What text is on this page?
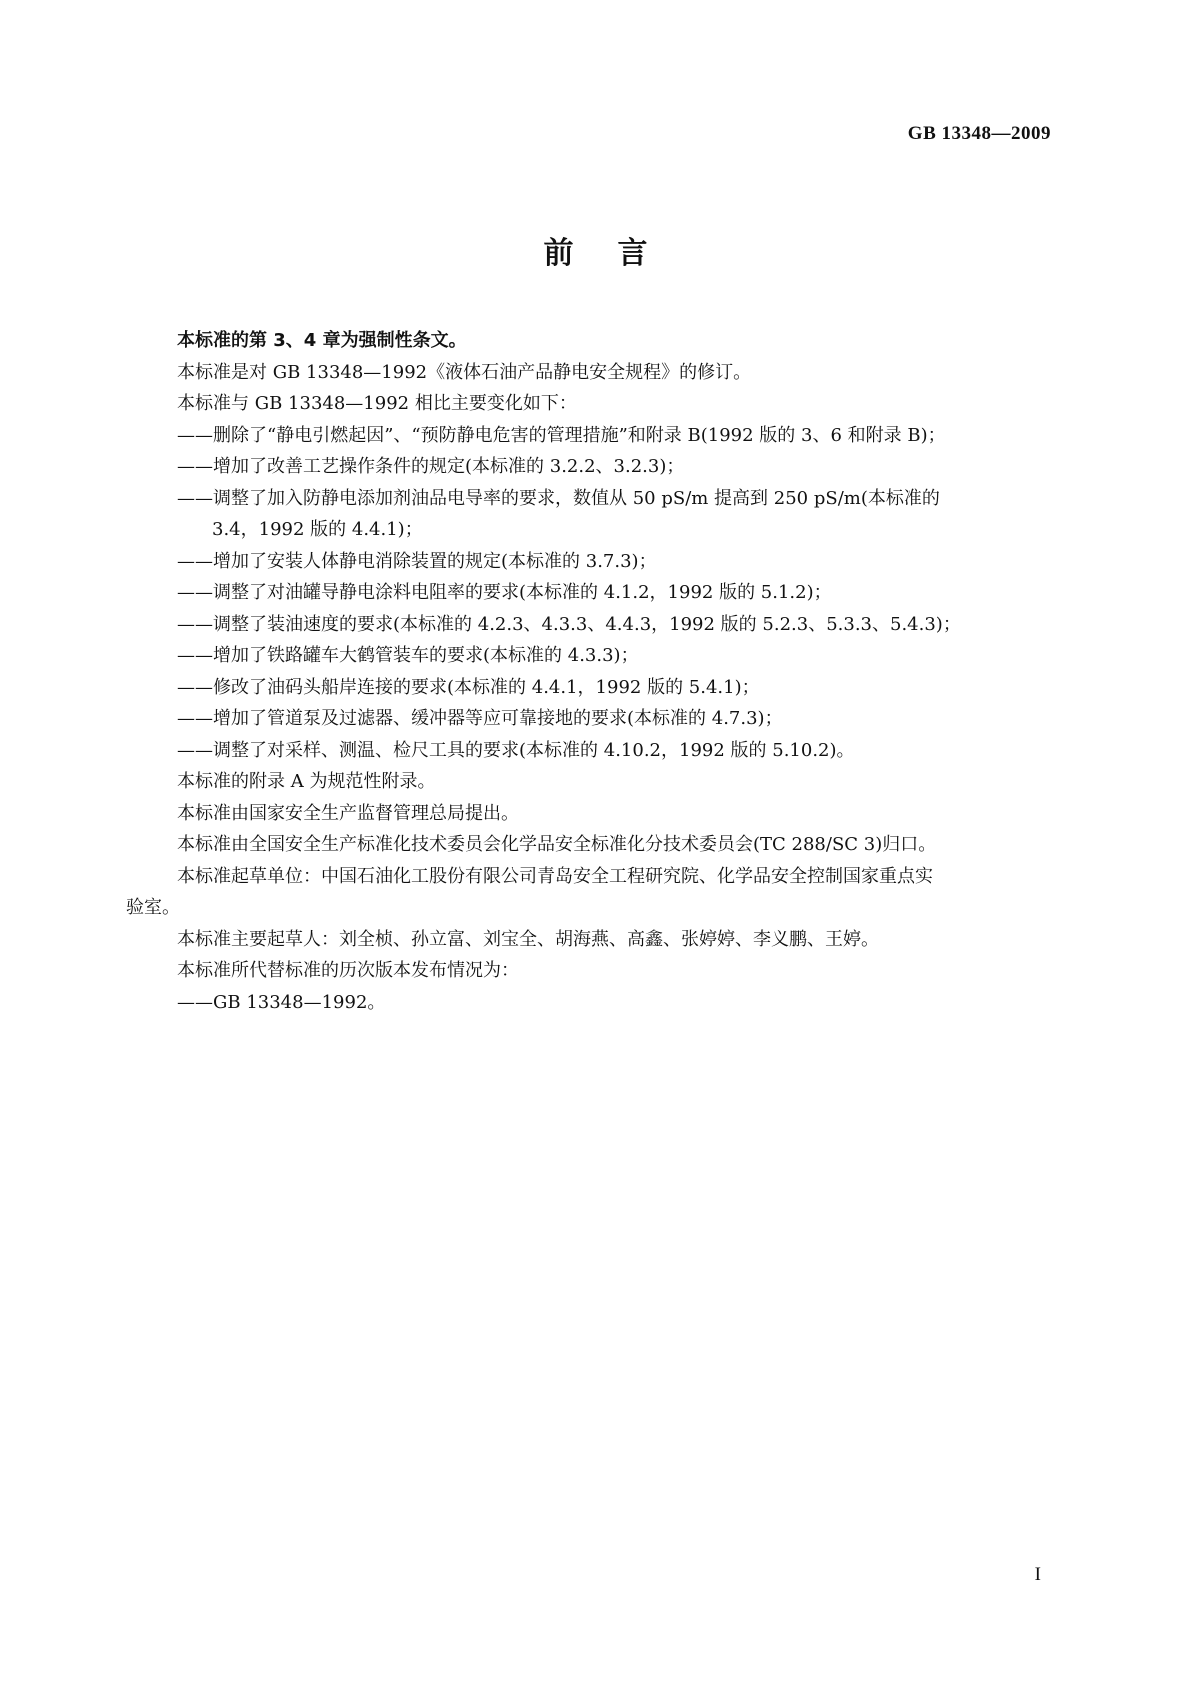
GB 13348—2009
前言
本标准的第 3、4 章为强制性条文。
本标准是对 GB 13348—1992《液体石油产品静电安全规程》的修订。
本标准与 GB 13348—1992 相比主要变化如下：
——删除了“静电引燃起因”、“预防静电危害的管理措施”和附录 B(1992 版的 3、6 和附录 B)；
——增加了改善工艺操作条件的规定(本标准的 3.2.2、3.2.3)；
——调整了加入防静电添加剂油品电导率的要求，数值从 50 pS/m 提高到 250 pS/m(本标准的
3.4，1992 版的 4.4.1)；
——增加了安装人体静电消除装置的规定(本标准的 3.7.3)；
——调整了对油罐导静电涂料电阻率的要求(本标准的 4.1.2，1992 版的 5.1.2)；
——调整了装油速度的要求(本标准的 4.2.3、4.3.3、4.4.3，1992 版的 5.2.3、5.3.3、5.4.3)；
——增加了铁路罐车大鹤管装车的要求(本标准的 4.3.3)；
——修改了油码头船岸连接的要求(本标准的 4.4.1，1992 版的 5.4.1)；
——增加了管道泵及过滤器、缓冲器等应可靠接地的要求(本标准的 4.7.3)；
——调整了对采样、测温、检尺工具的要求(本标准的 4.10.2，1992 版的 5.10.2)。
本标准的附录 A 为规范性附录。
本标准由国家安全生产监督管理总局提出。
本标准由全国安全生产标准化技术委员会化学品安全标准化分技术委员会(TC 288/SC 3)归口。
本标准起草单位：中国石油化工股份有限公司青岛安全工程研究院、化学品安全控制国家重点实
验室。
本标准主要起草人：刘全桢、孙立富、刘宝全、胡海燕、高鑫、张婷婷、李义鹏、王婷。
本标准所代替标准的历次版本发布情况为：
——GB 13348—1992。
I
